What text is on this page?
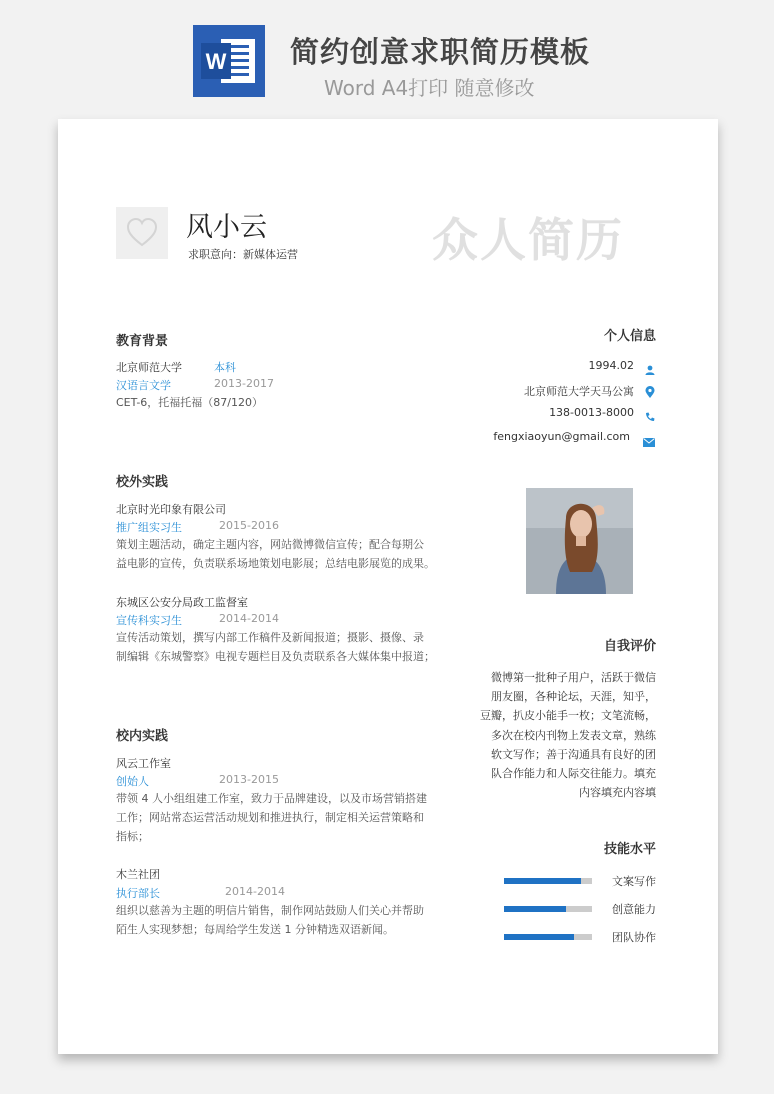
W 简约创意求职简历模板
Word A4打印 随意修改
风小云
求职意向：新媒体运营	众人简历
教育背景
北京师范大学	本科
汉语言文学	2013-2017
CET-6，托福托福（87/120）
校外实践
北京时光印象有限公司
推广组实习生	2015-2016
策划主题活动，确定主题内容，网站微博微信宣传；配合每期公
益电影的宣传，负责联系场地策划电影展；总结电影展览的成果。
东城区公安分局政工监督室
宣传科实习生	2014-2014
宣传活动策划，撰写内部工作稿件及新闻报道；摄影、摄像、录
制编辑《东城警察》电视专题栏目及负责联系各大媒体集中报道；
校内实践
风云工作室
创始人	2013-2015
带领 4 人小组组建工作室，致力于品牌建设，以及市场营销搭建
工作；网站常态运营活动规划和推进执行，制定相关运营策略和
指标；
木兰社团
执行部长	2014-2014
组织以慈善为主题的明信片销售，制作网站鼓励人们关心并帮助
陌生人实现梦想；每周给学生发送 1 分钟精选双语新闻。
个人信息
1994.02
北京师范大学天马公寓
138-0013-8000
fengxiaoyun@gmail.com
自我评价
微博第一批种子用户，活跃于微信
朋友圈，各种论坛，天涯，知乎，
豆瓣，扒皮小能手一枚；文笔流畅，
多次在校内刊物上发表文章，熟练
软文写作；善于沟通具有良好的团
队合作能力和人际交往能力。填充
内容填充内容填
技能水平
文案写作
创意能力
团队协作
